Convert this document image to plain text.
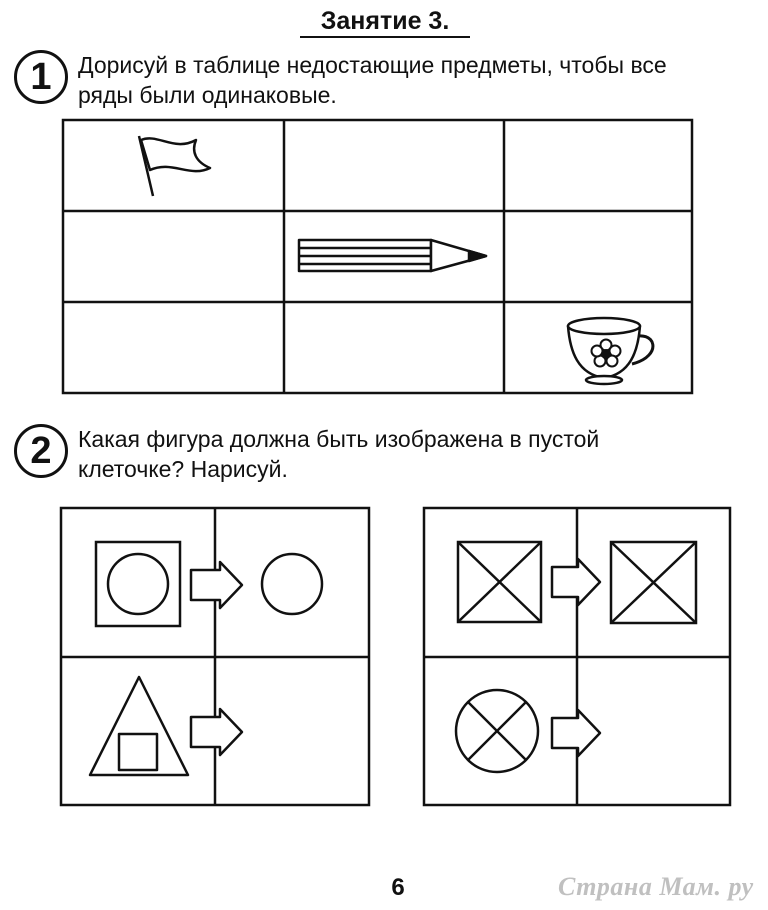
Занятие 3.
1	Дорисуй в таблице недостающие предметы, чтобы все
ряды были одинаковые.
2	Какая фигура должна быть изображена в пустой
клеточке? Нарисуй.
6	Страна Мам. ру
